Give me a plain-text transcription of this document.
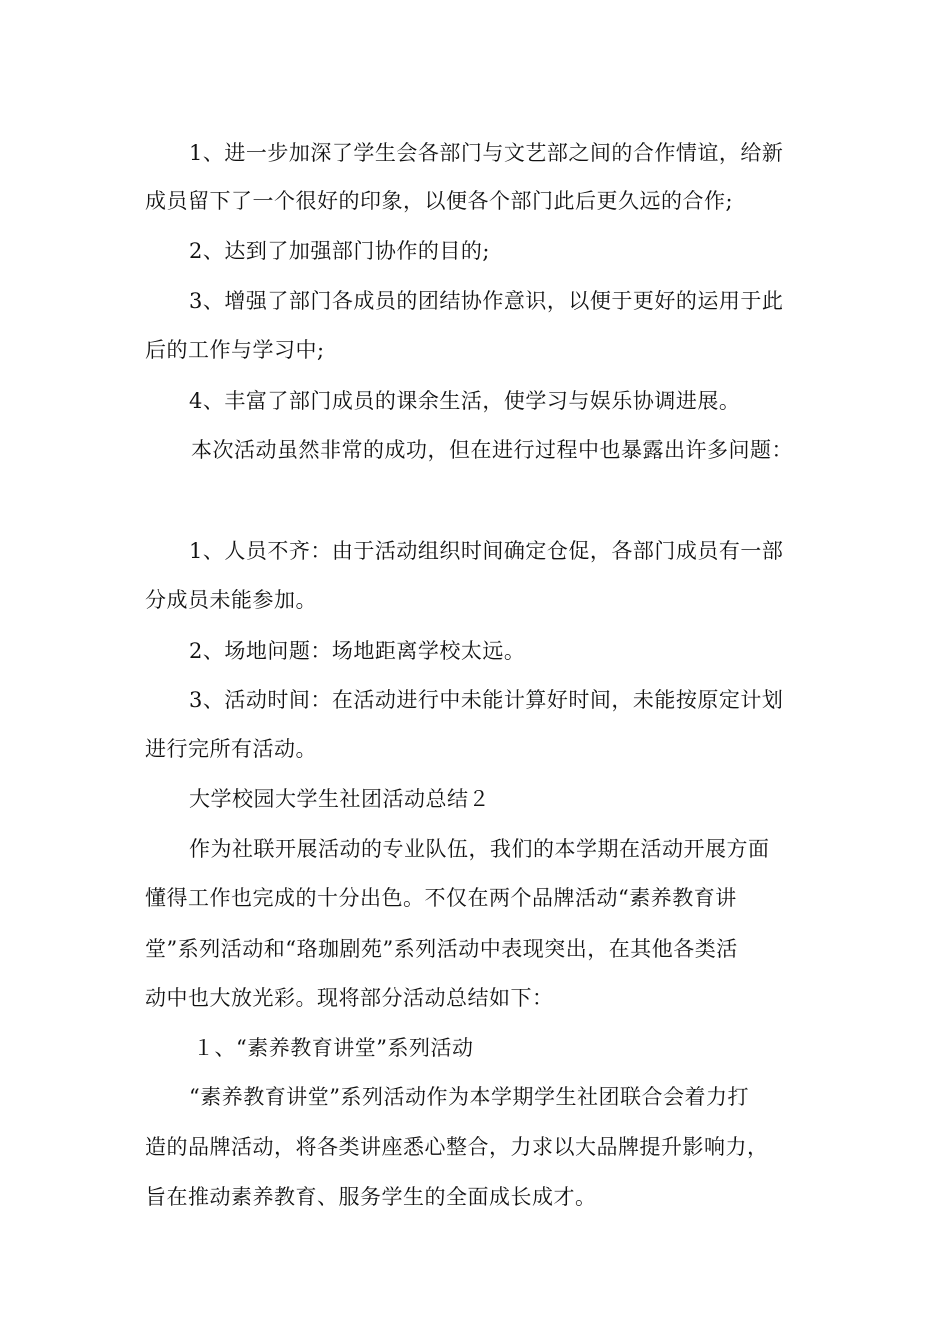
1、进一步加深了学生会各部门与文艺部之间的合作情谊，给新
成员留下了一个很好的印象，以便各个部门此后更久远的合作;
2、达到了加强部门协作的目的;
3、增强了部门各成员的团结协作意识，以便于更好的运用于此
后的工作与学习中;
4、丰富了部门成员的课余生活，使学习与娱乐协调进展。
本次活动虽然非常的成功，但在进行过程中也暴露出许多问题：
1、人员不齐：由于活动组织时间确定仓促，各部门成员有一部
分成员未能参加。
2、场地问题：场地距离学校太远。
3、活动时间：在活动进行中未能计算好时间，未能按原定计划
进行完所有活动。
大学校园大学生社团活动总结２
作为社联开展活动的专业队伍，我们的本学期在活动开展方面
懂得工作也完成的十分出色。不仅在两个品牌活动“素养教育讲
堂”系列活动和“珞珈剧苑”系列活动中表现突出，在其他各类活
动中也大放光彩。现将部分活动总结如下：
１、“素养教育讲堂”系列活动
“素养教育讲堂”系列活动作为本学期学生社团联合会着力打
造的品牌活动，将各类讲座悉心整合，力求以大品牌提升影响力，
旨在推动素养教育、服务学生的全面成长成才。
